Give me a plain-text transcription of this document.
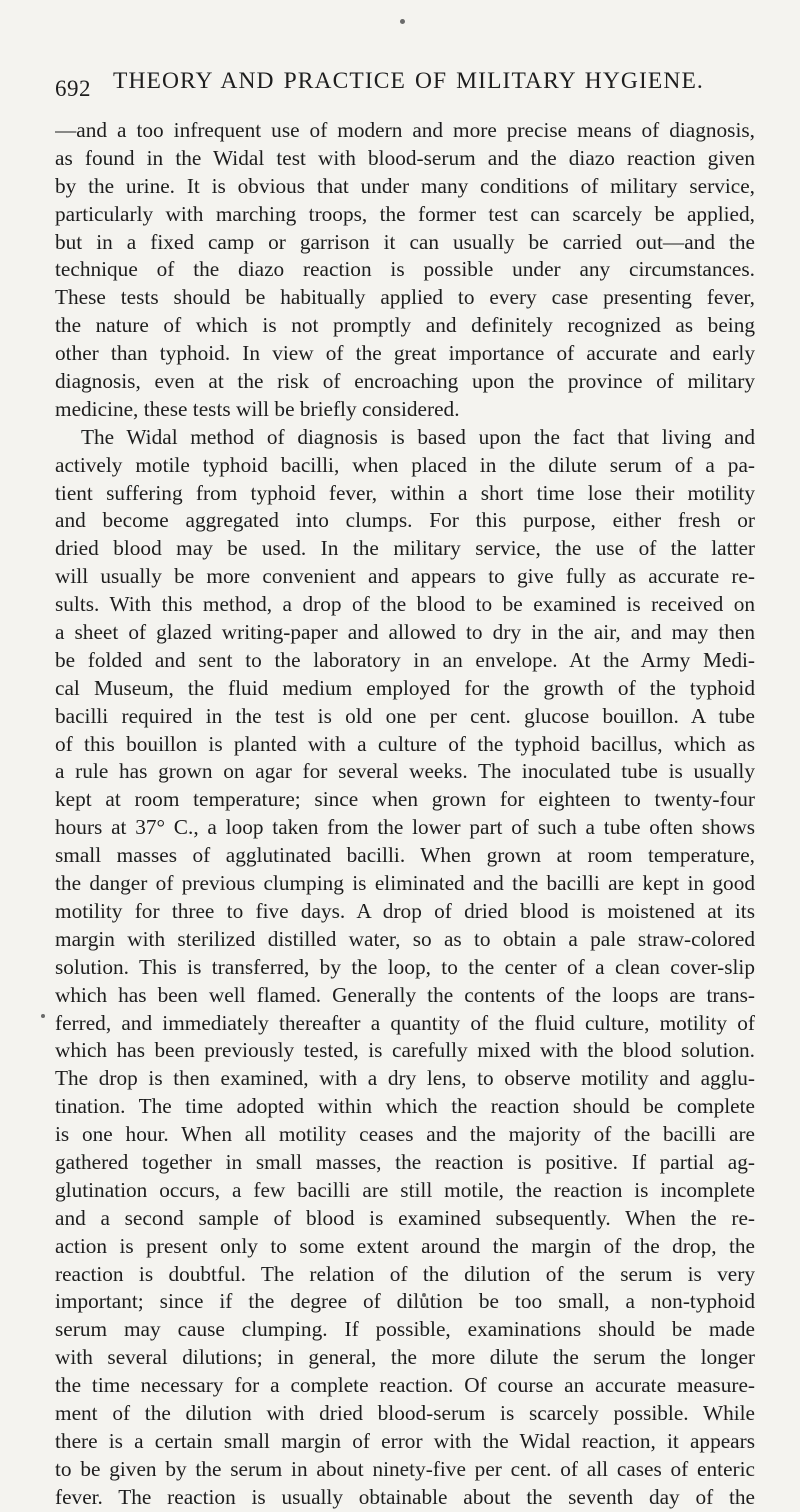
692 THEORY AND PRACTICE OF MILITARY HYGIENE.
—and a too infrequent use of modern and more precise means of diagnosis,
as found in the Widal test with blood-serum and the diazo reaction given
by the urine. It is obvious that under many conditions of military service,
particularly with marching troops, the former test can scarcely be applied,
but in a fixed camp or garrison it can usually be carried out—and the
technique of the diazo reaction is possible under any circumstances.
These tests should be habitually applied to every case presenting fever,
the nature of which is not promptly and definitely recognized as being
other than typhoid. In view of the great importance of accurate and early
diagnosis, even at the risk of encroaching upon the province of military
medicine, these tests will be briefly considered.
The Widal method of diagnosis is based upon the fact that living and
actively motile typhoid bacilli, when placed in the dilute serum of a pa-
tient suffering from typhoid fever, within a short time lose their motility
and become aggregated into clumps. For this purpose, either fresh or
dried blood may be used. In the military service, the use of the latter
will usually be more convenient and appears to give fully as accurate re-
sults. With this method, a drop of the blood to be examined is received on
a sheet of glazed writing-paper and allowed to dry in the air, and may then
be folded and sent to the laboratory in an envelope. At the Army Medi-
cal Museum, the fluid medium employed for the growth of the typhoid
bacilli required in the test is old one per cent. glucose bouillon. A tube
of this bouillon is planted with a culture of the typhoid bacillus, which as
a rule has grown on agar for several weeks. The inoculated tube is usually
kept at room temperature; since when grown for eighteen to twenty-four
hours at 37° C., a loop taken from the lower part of such a tube often shows
small masses of agglutinated bacilli. When grown at room temperature,
the danger of previous clumping is eliminated and the bacilli are kept in good
motility for three to five days. A drop of dried blood is moistened at its
margin with sterilized distilled water, so as to obtain a pale straw-colored
solution. This is transferred, by the loop, to the center of a clean cover-slip
which has been well flamed. Generally the contents of the loops are trans-
ferred, and immediately thereafter a quantity of the fluid culture, motility of
which has been previously tested, is carefully mixed with the blood solution.
The drop is then examined, with a dry lens, to observe motility and agglu-
tination. The time adopted within which the reaction should be complete
is one hour. When all motility ceases and the majority of the bacilli are
gathered together in small masses, the reaction is positive. If partial ag-
glutination occurs, a few bacilli are still motile, the reaction is incomplete
and a second sample of blood is examined subsequently. When the re-
action is present only to some extent around the margin of the drop, the
reaction is doubtful. The relation of the dilution of the serum is very
important; since if the degree of dilution be too small, a non-typhoid
serum may cause clumping. If possible, examinations should be made
with several dilutions; in general, the more dilute the serum the longer
the time necessary for a complete reaction. Of course an accurate measure-
ment of the dilution with dried blood-serum is scarcely possible. While
there is a certain small margin of error with the Widal reaction, it appears
to be given by the serum in about ninety-five per cent. of all cases of enteric
fever. The reaction is usually obtainable about the seventh day of the
